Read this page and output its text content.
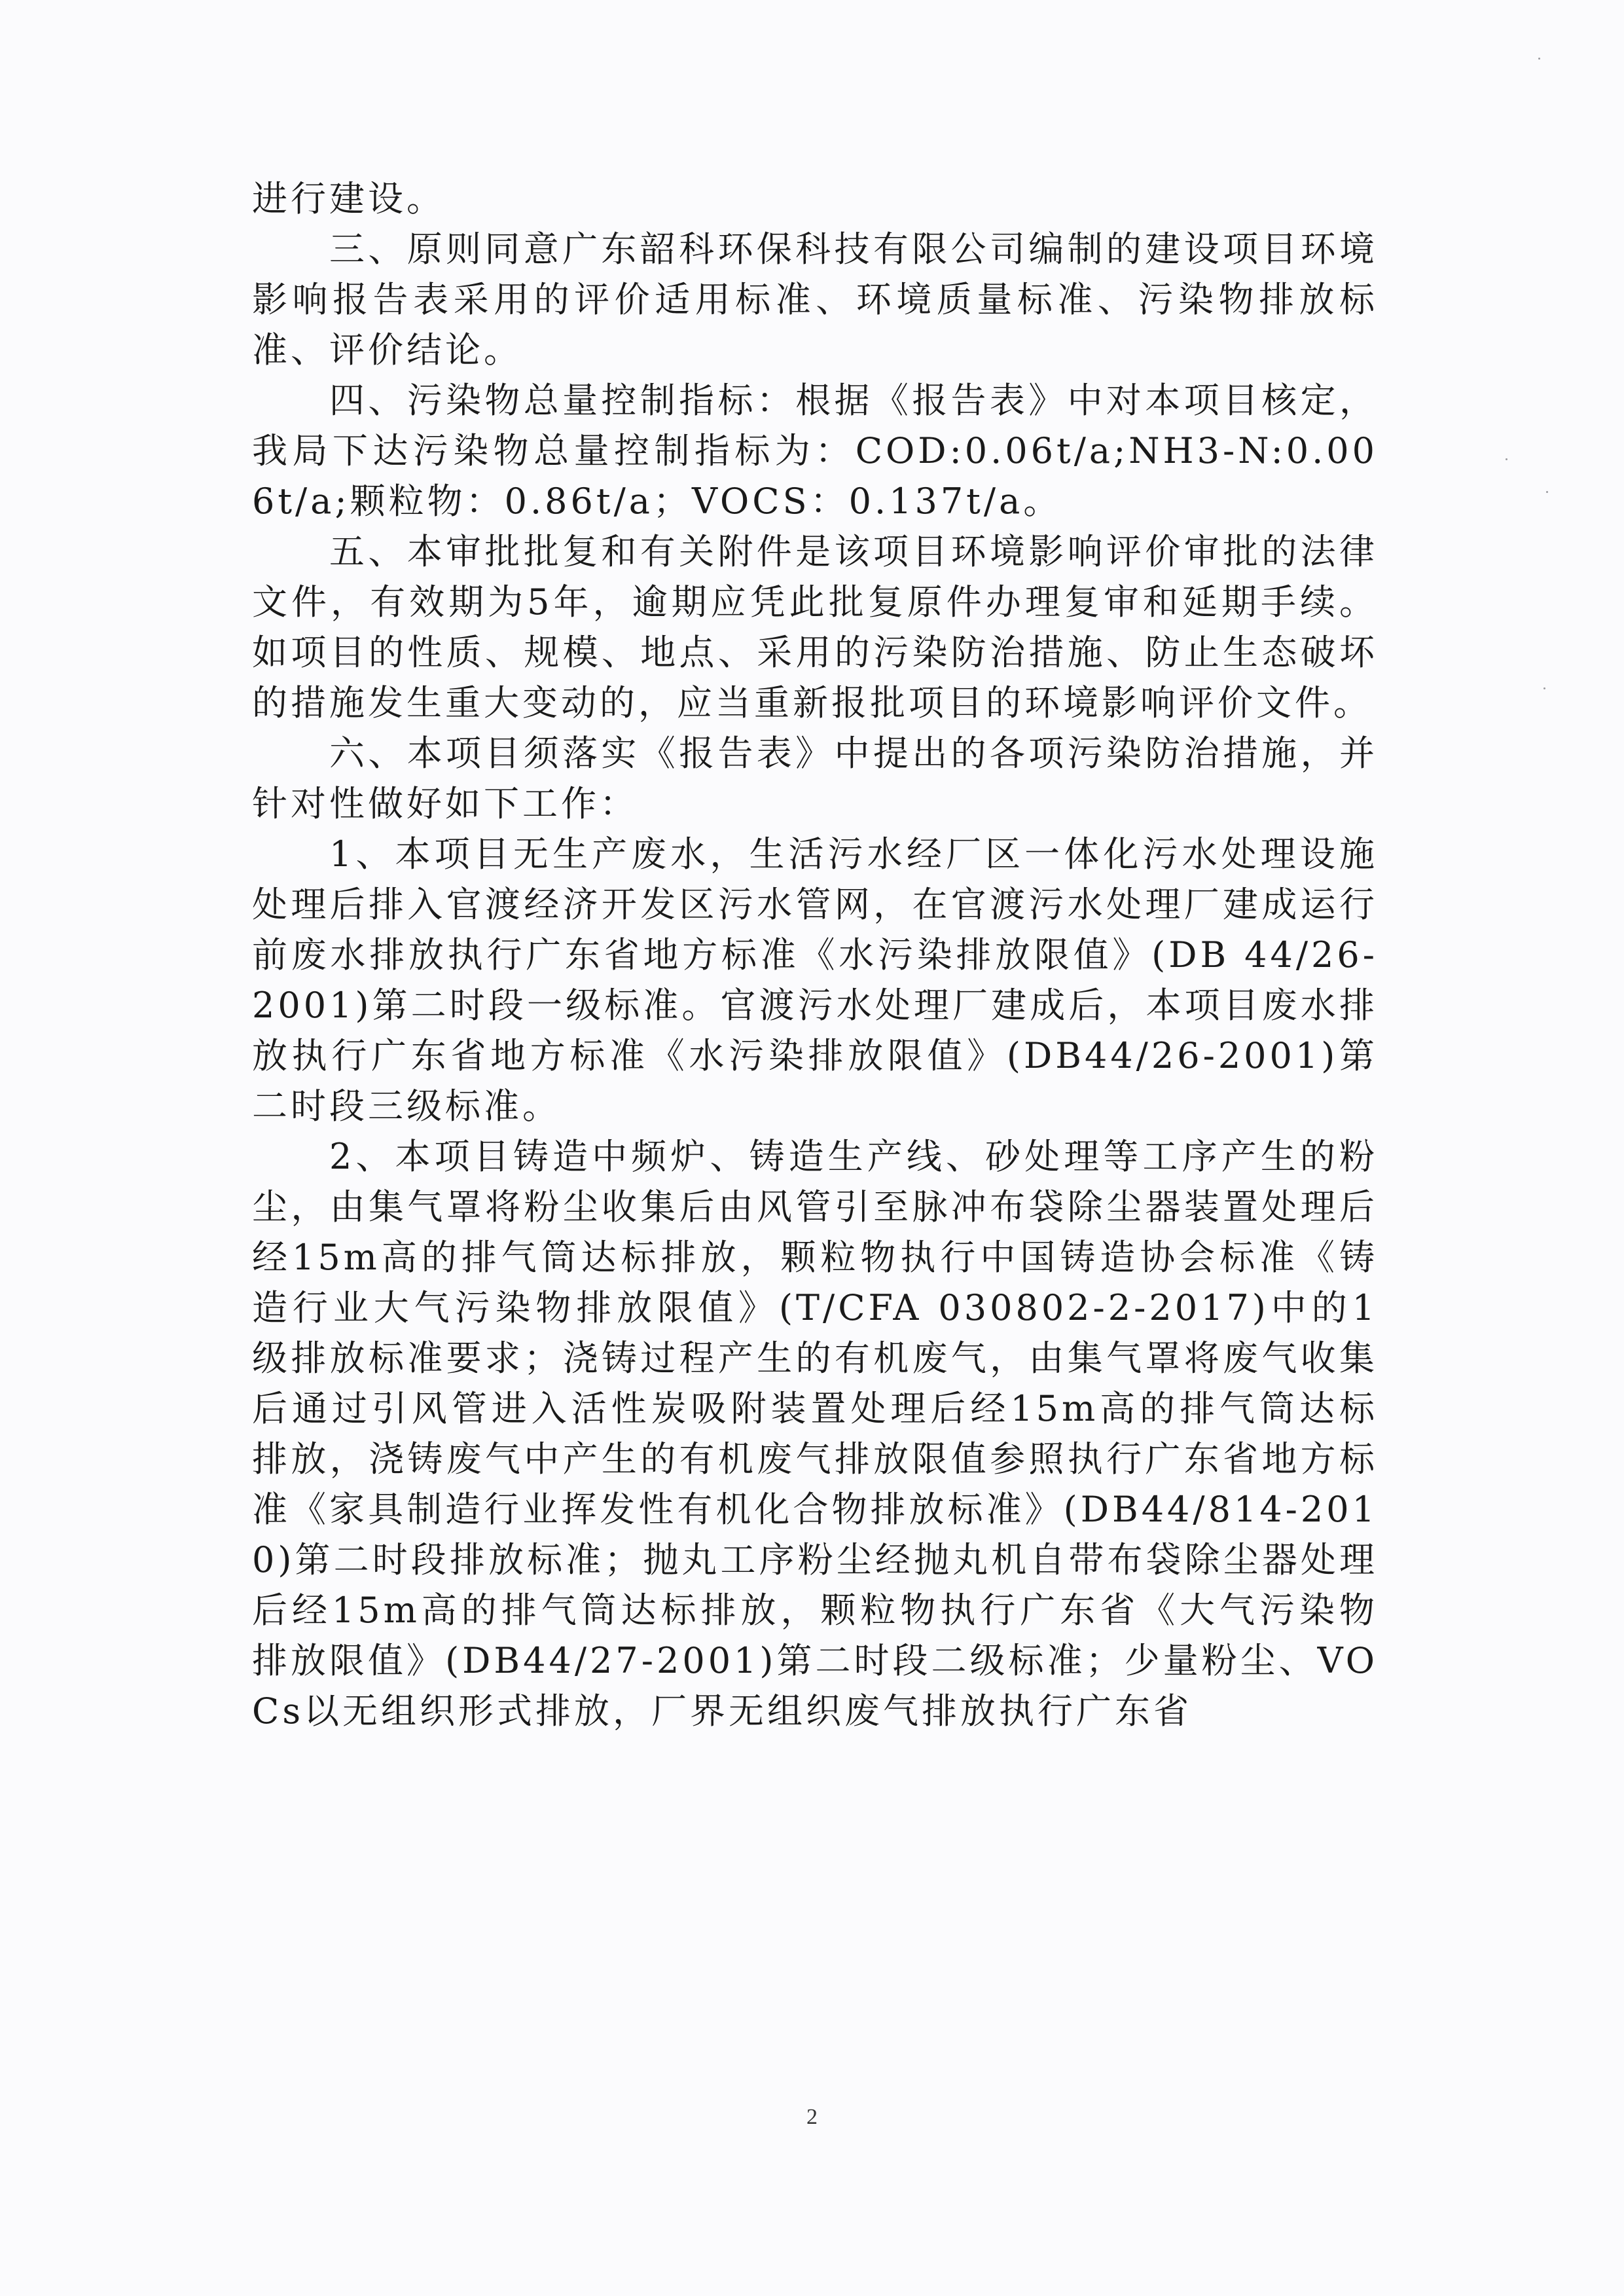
进行建设。

三、原则同意广东韶科环保科技有限公司编制的建设项目环境影响报告表采用的评价适用标准、环境质量标准、污染物排放标准、评价结论。

四、污染物总量控制指标：根据《报告表》中对本项目核定，我局下达污染物总量控制指标为：COD:0.06t/a;NH3-N:0.006t/a;颗粒物：0.86t/a；VOCS：0.137t/a。

五、本审批批复和有关附件是该项目环境影响评价审批的法律文件，有效期为5年，逾期应凭此批复原件办理复审和延期手续。如项目的性质、规模、地点、采用的污染防治措施、防止生态破坏的措施发生重大变动的，应当重新报批项目的环境影响评价文件。

六、本项目须落实《报告表》中提出的各项污染防治措施，并针对性做好如下工作：

1、本项目无生产废水，生活污水经厂区一体化污水处理设施处理后排入官渡经济开发区污水管网，在官渡污水处理厂建成运行前废水排放执行广东省地方标准《水污染排放限值》(DB 44/26-2001)第二时段一级标准。官渡污水处理厂建成后，本项目废水排放执行广东省地方标准《水污染排放限值》(DB44/26-2001)第二时段三级标准。

2、本项目铸造中频炉、铸造生产线、砂处理等工序产生的粉尘，由集气罩将粉尘收集后由风管引至脉冲布袋除尘器装置处理后经15m高的排气筒达标排放，颗粒物执行中国铸造协会标准《铸造行业大气污染物排放限值》(T/CFA 030802-2-2017)中的1级排放标准要求；浇铸过程产生的有机废气，由集气罩将废气收集后通过引风管进入活性炭吸附装置处理后经15m高的排气筒达标排放，浇铸废气中产生的有机废气排放限值参照执行广东省地方标准《家具制造行业挥发性有机化合物排放标准》(DB44/814-2010)第二时段排放标准；抛丸工序粉尘经抛丸机自带布袋除尘器处理后经15m高的排气筒达标排放，颗粒物执行广东省《大气污染物排放限值》(DB44/27-2001)第二时段二级标准；少量粉尘、VOCs以无组织形式排放，厂界无组织废气排放执行广东省

2
